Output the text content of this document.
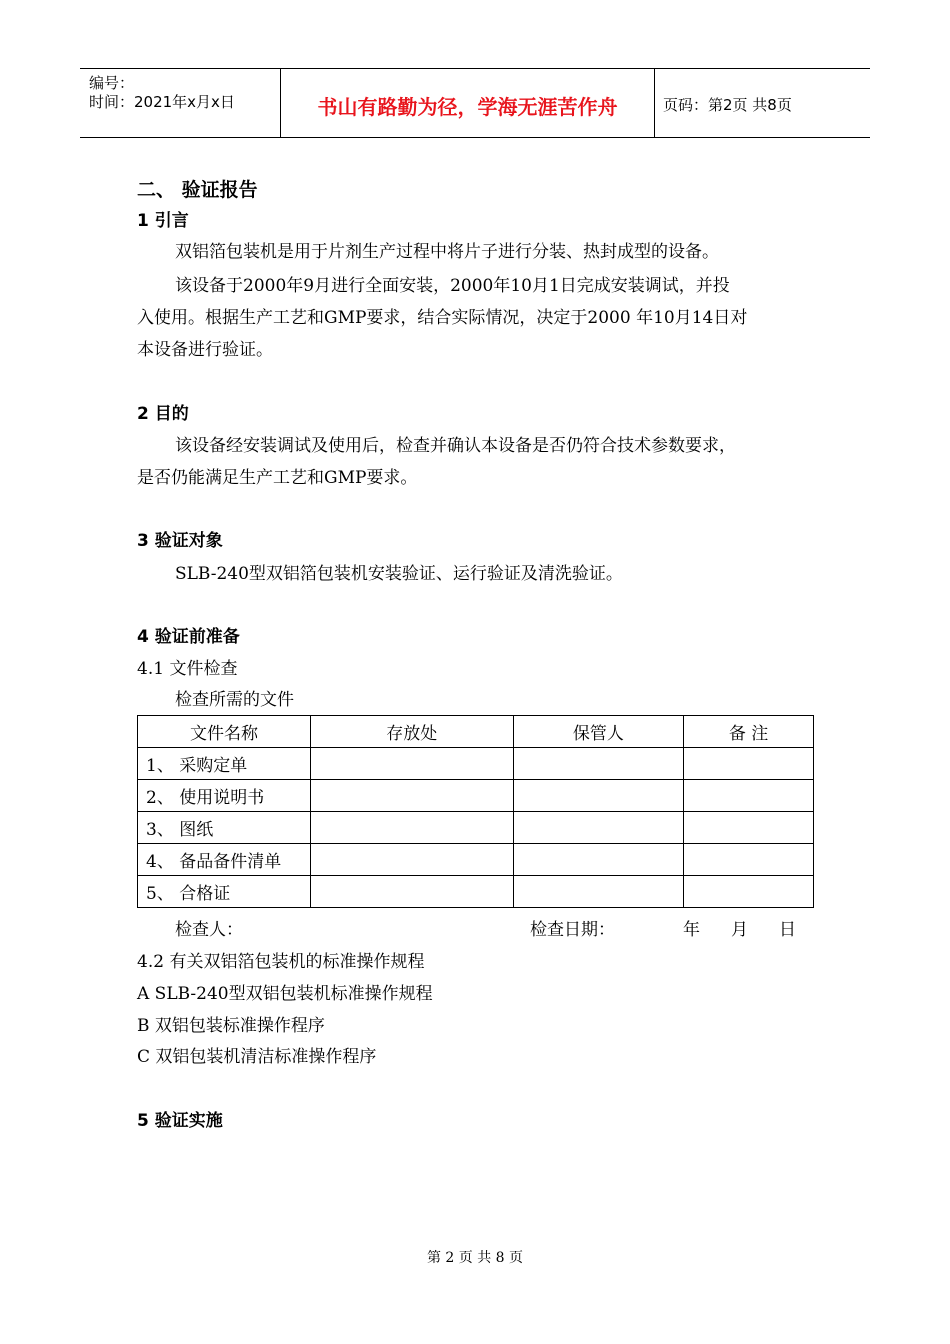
编号：
时间：2021年x月x日	书山有路勤为径，学海无涯苦作舟	页码：第2页 共8页
二、 验证报告
1 引言
双铝箔包装机是用于片剂生产过程中将片子进行分装、热封成型的设备。
该设备于2000年9月进行全面安装，2000年10月1日完成安装调试，并投
入使用。根据生产工艺和GMP要求，结合实际情况，决定于2000 年10月14日对
本设备进行验证。
2 目的
该设备经安装调试及使用后，检查并确认本设备是否仍符合技术参数要求，
是否仍能满足生产工艺和GMP要求。
3 验证对象
SLB-240型双铝箔包装机安装验证、运行验证及清洗验证。
4 验证前准备
4.1 文件检查
检查所需的文件
文件名称	存放处	保管人	备 注
1、 采购定单			
2、 使用说明书			
3、 图纸			
4、 备品备件清单			
5、 合格证			
检查人：	检查日期：	年 月 日
4.2 有关双铝箔包装机的标准操作规程
A SLB-240型双铝包装机标准操作规程
B 双铝包装标准操作程序
C 双铝包装机清洁标准操作程序
5 验证实施
第 2 页 共 8 页
